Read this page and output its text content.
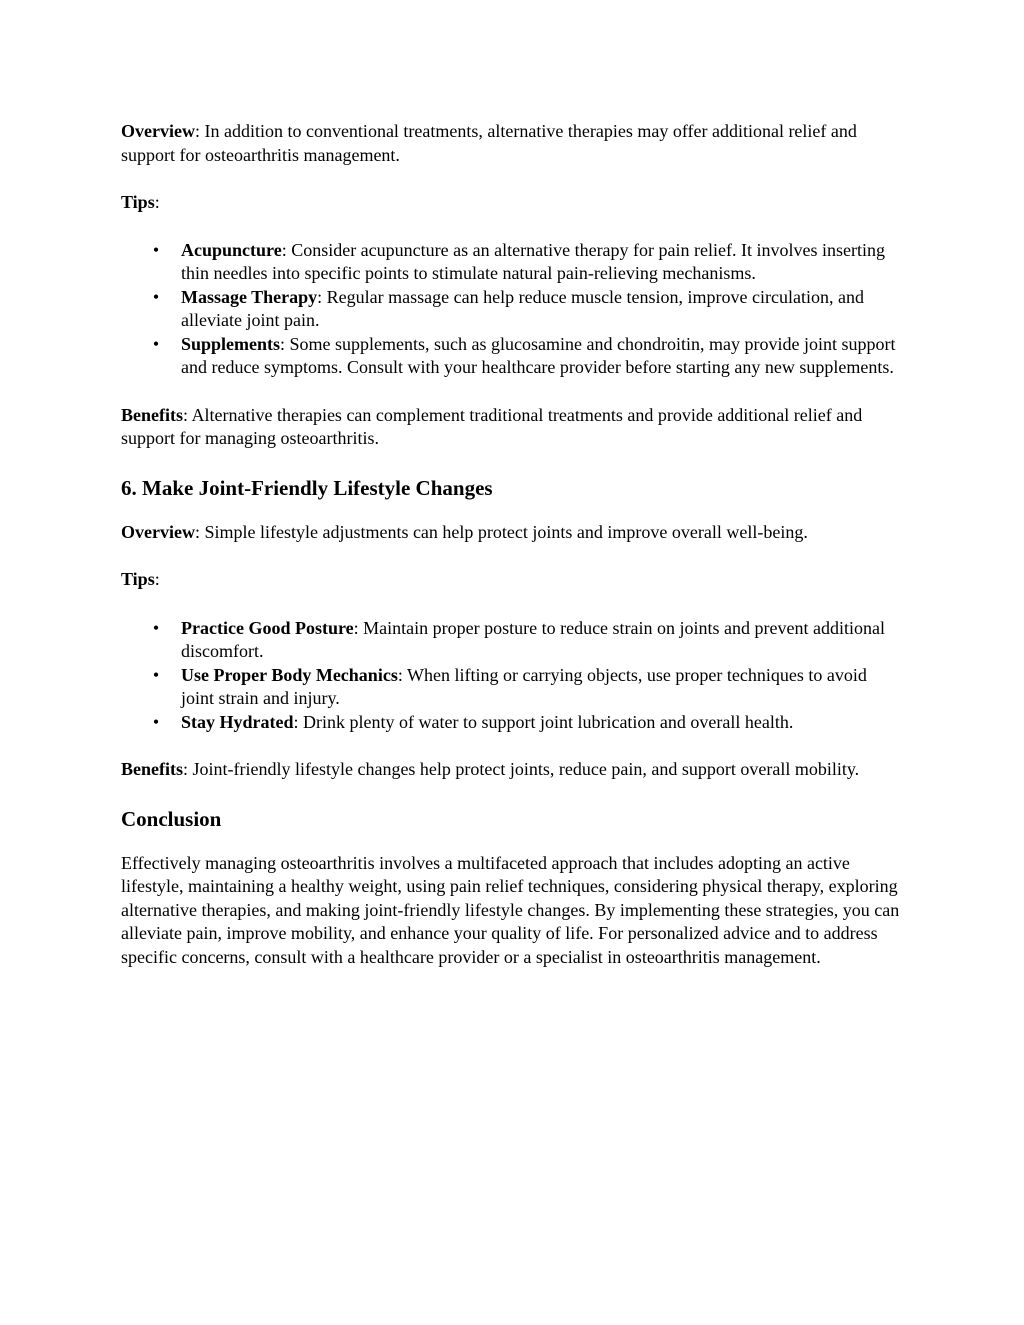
Overview: In addition to conventional treatments, alternative therapies may offer additional relief and support for osteoarthritis management.

Tips:

• Acupuncture: Consider acupuncture as an alternative therapy for pain relief. It involves inserting thin needles into specific points to stimulate natural pain-relieving mechanisms.
• Massage Therapy: Regular massage can help reduce muscle tension, improve circulation, and alleviate joint pain.
• Supplements: Some supplements, such as glucosamine and chondroitin, may provide joint support and reduce symptoms. Consult with your healthcare provider before starting any new supplements.

Benefits: Alternative therapies can complement traditional treatments and provide additional relief and support for managing osteoarthritis.

6. Make Joint-Friendly Lifestyle Changes

Overview: Simple lifestyle adjustments can help protect joints and improve overall well-being.

Tips:

• Practice Good Posture: Maintain proper posture to reduce strain on joints and prevent additional discomfort.
• Use Proper Body Mechanics: When lifting or carrying objects, use proper techniques to avoid joint strain and injury.
• Stay Hydrated: Drink plenty of water to support joint lubrication and overall health.

Benefits: Joint-friendly lifestyle changes help protect joints, reduce pain, and support overall mobility.

Conclusion

Effectively managing osteoarthritis involves a multifaceted approach that includes adopting an active lifestyle, maintaining a healthy weight, using pain relief techniques, considering physical therapy, exploring alternative therapies, and making joint-friendly lifestyle changes. By implementing these strategies, you can alleviate pain, improve mobility, and enhance your quality of life. For personalized advice and to address specific concerns, consult with a healthcare provider or a specialist in osteoarthritis management.
